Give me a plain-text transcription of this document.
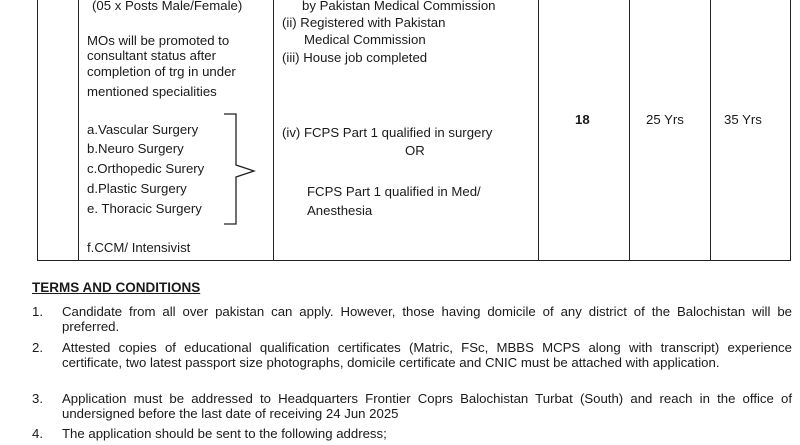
(05 x Posts Male/Female)
MOs will be promoted to
consultant status after
completion of trg in under
mentioned specialities
a.Vascular Surgery
b.Neuro Surgery
c.Orthopedic Surery
d.Plastic Surgery
e. Thoracic Surgery
f.CCM/ Intensivist
by Pakistan Medical Commission
(ii) Registered with Pakistan
Medical Commission
(iii) House job completed
(iv) FCPS Part 1 qualified in surgery
OR
FCPS Part 1 qualified in Med/
Anesthesia
18	25 Yrs	35 Yrs
TERMS AND CONDITIONS
1. Candidate from all over pakistan can apply. However, those having domicile of any district of the Balochistan will be preferred.
2. Attested copies of educational qualification certificates (Matric, FSc, MBBS MCPS along with transcript) experience certificate, two latest passport size photographs, domicile certificate and CNIC must be attached with application.
3. Application must be addressed to Headquarters Frontier Coprs Balochistan Turbat (South) and reach in the office of undersigned before the last date of receiving 24 Jun 2025
4. The application should be sent to the following address;
